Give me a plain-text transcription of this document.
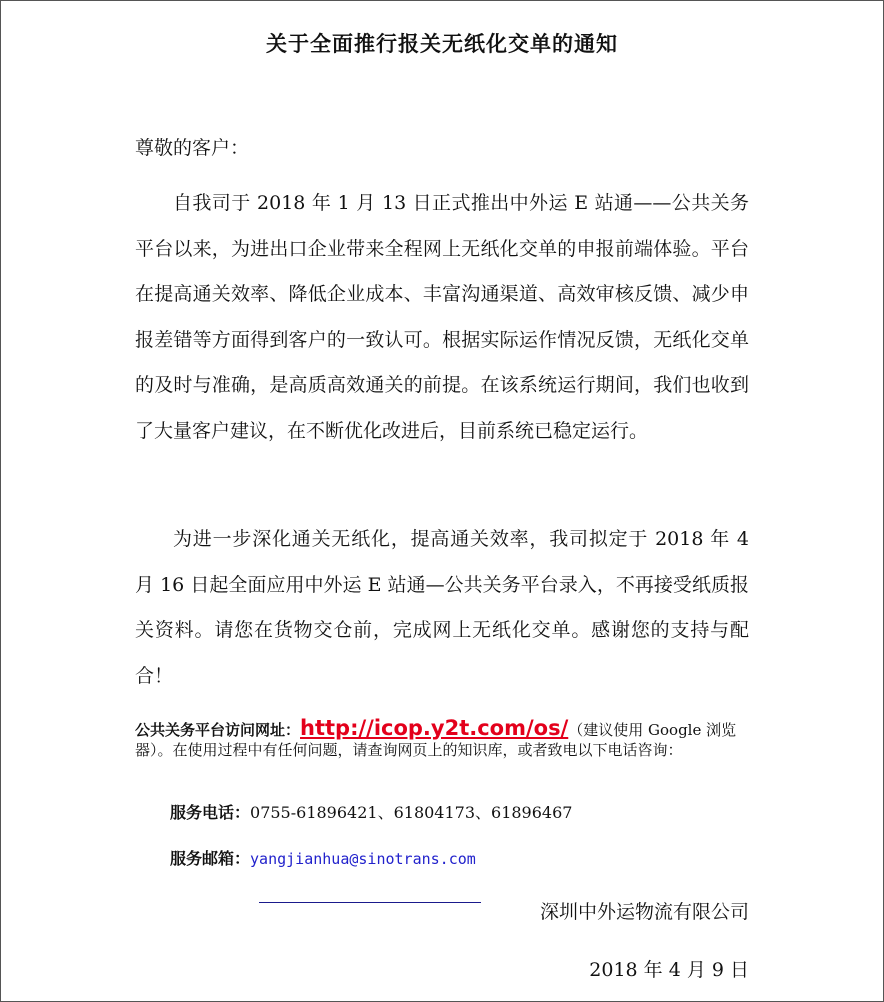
关于全面推行报关无纸化交单的通知
尊敬的客户：

自我司于 2018 年 1 月 13 日正式推出中外运 E 站通——公共关务平台以来，为进出口企业带来全程网上无纸化交单的申报前端体验。平台在提高通关效率、降低企业成本、丰富沟通渠道、高效审核反馈、减少申报差错等方面得到客户的一致认可。根据实际运作情况反馈，无纸化交单的及时与准确，是高质高效通关的前提。在该系统运行期间，我们也收到了大量客户建议，在不断优化改进后，目前系统已稳定运行。

为进一步深化通关无纸化，提高通关效率，我司拟定于 2018 年 4 月 16 日起全面应用中外运 E 站通—公共关务平台录入，不再接受纸质报关资料。请您在货物交仓前，完成网上无纸化交单。感谢您的支持与配合！

公共关务平台访问网址：http://icop.y2t.com/os/（建议使用 Google 浏览器）。在使用过程中有任何问题，请查询网页上的知识库，或者致电以下电话咨询：
服务电话：0755-61896421、61804173、61896467
服务邮箱：yangjianhua@sinotrans.com
深圳中外运物流有限公司
2018 年 4 月 9 日
